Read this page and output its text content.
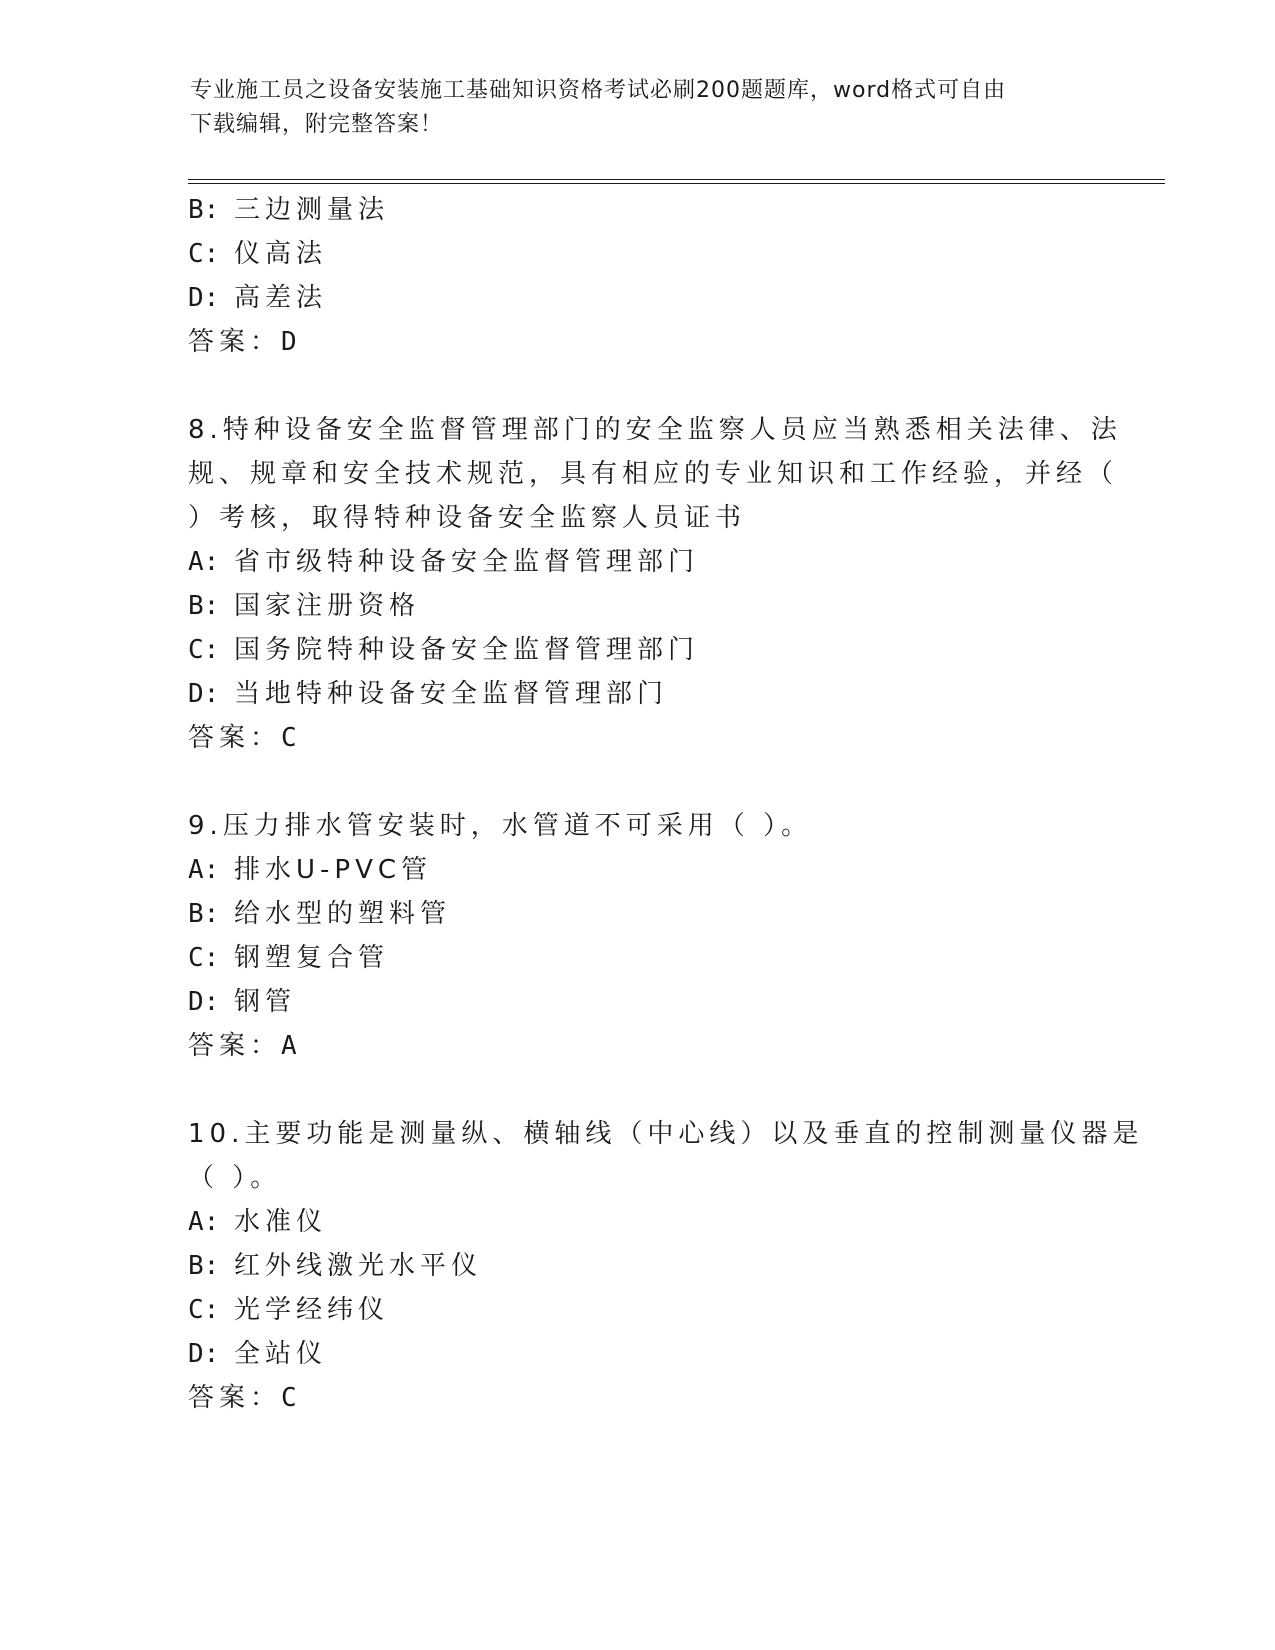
专业施工员之设备安装施工基础知识资格考试必刷200题题库，word格式可自由
下载编辑，附完整答案！
B: 三边测量法
C: 仪高法
D: 高差法
答案：D
8.特种设备安全监督管理部门的安全监察人员应当熟悉相关法律、法
规、规章和安全技术规范，具有相应的专业知识和工作经验，并经（
）考核，取得特种设备安全监察人员证书
A: 省市级特种设备安全监督管理部门
B: 国家注册资格
C: 国务院特种设备安全监督管理部门
D: 当地特种设备安全监督管理部门
答案：C
9.压力排水管安装时，水管道不可采用（ ）。
A: 排水U-PVC管
B: 给水型的塑料管
C: 钢塑复合管
D: 钢管
答案：A
10.主要功能是测量纵、横轴线（中心线）以及垂直的控制测量仪器是
（ ）。
A: 水准仪
B: 红外线激光水平仪
C: 光学经纬仪
D: 全站仪
答案：C
